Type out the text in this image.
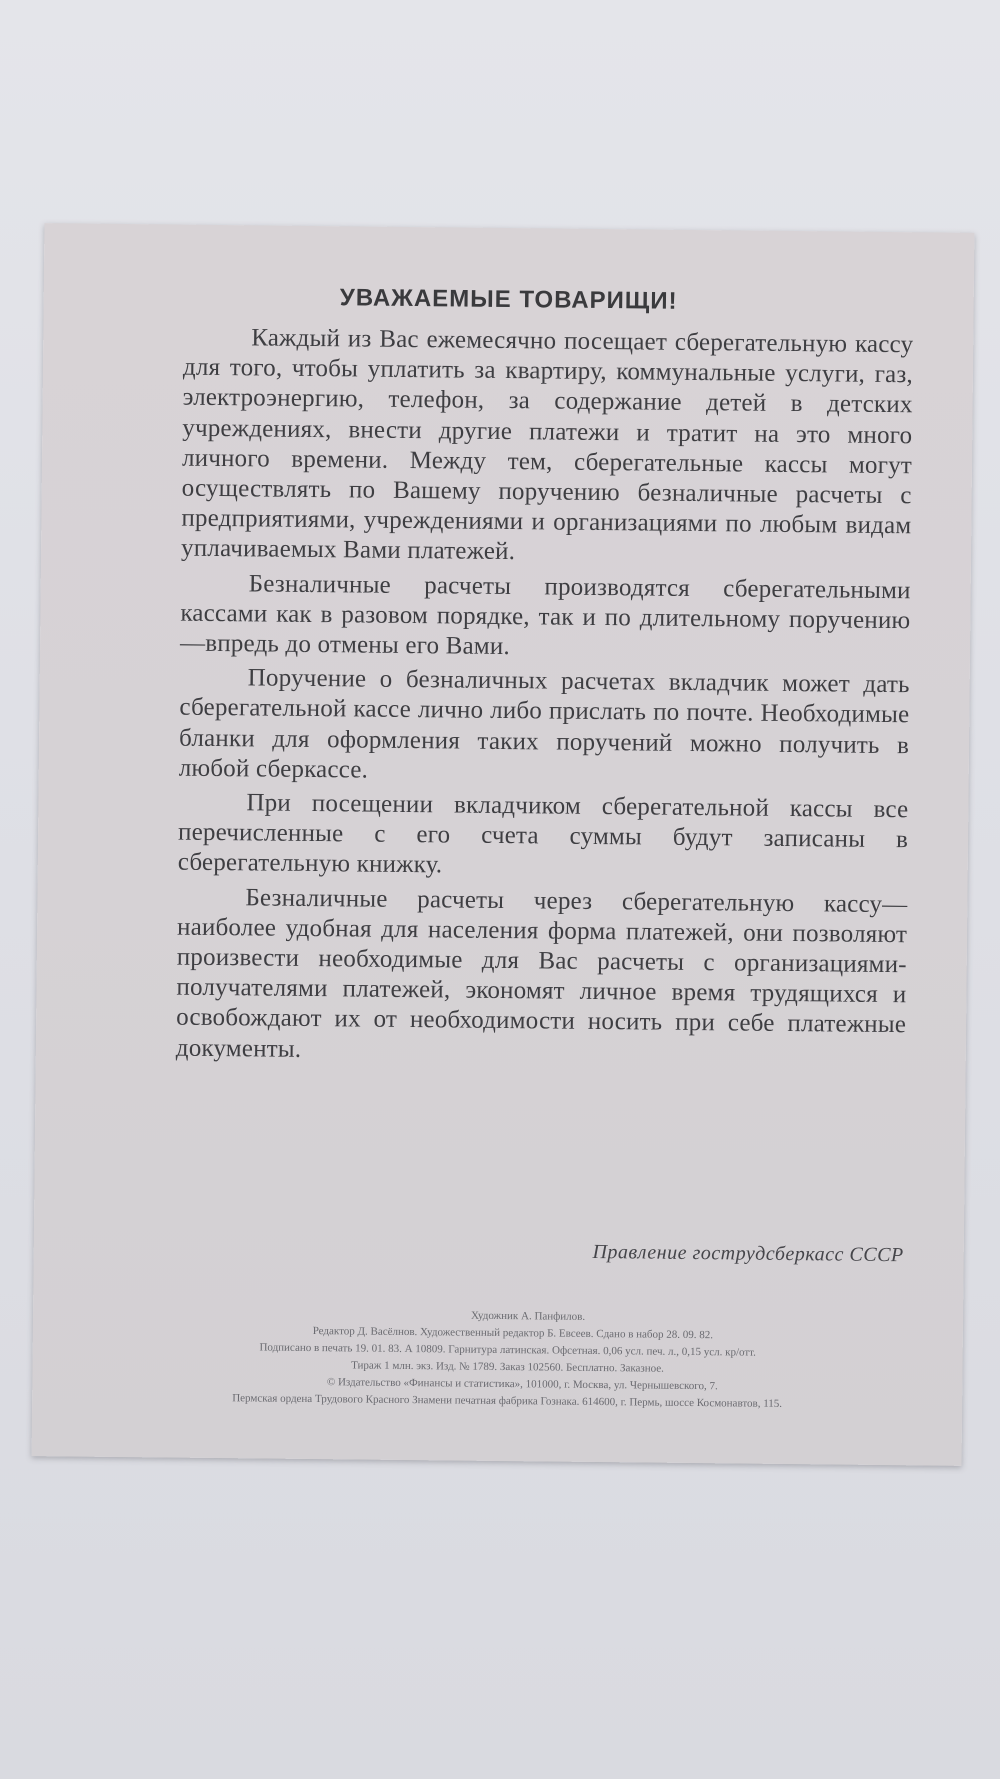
УВАЖАЕМЫЕ ТОВАРИЩИ!

Каждый из Вас ежемесячно посещает сберегательную кассу для того, чтобы уплатить за квартиру, коммунальные услуги, газ, электроэнергию, телефон, за содержание детей в детских учреждениях, внести другие платежи и тратит на это много личного времени. Между тем, сберегательные кассы могут осуществлять по Вашему поручению безналичные расчеты с предприятиями, учреждениями и организациями по любым видам уплачиваемых Вами платежей.

Безналичные расчеты производятся сберегательными кассами как в разовом порядке, так и по длительному поручению—впредь до отмены его Вами.

Поручение о безналичных расчетах вкладчик может дать сберегательной кассе лично либо прислать по почте. Необходимые бланки для оформления таких поручений можно получить в любой сберкассе.

При посещении вкладчиком сберегательной кассы все перечисленные с его счета суммы будут записаны в сберегательную книжку.

Безналичные расчеты через сберегательную кассу—наиболее удобная для населения форма платежей, они позволяют произвести необходимые для Вас расчеты с организациями-получателями платежей, экономят личное время трудящихся и освобождают их от необходимости носить при себе платежные документы.

Правление гострудсберкасс СССР
Художник А. Панфилов.
Редактор Д. Васёлнов. Художественный редактор Б. Евсеев. Сдано в набор 28. 09. 82.
Подписано в печать 19. 01. 83. А 10809. Гарнитура латинская. Офсетная. 0,06 усл. печ. л., 0,15 усл. кр/отт.
Тираж 1 млн. экз. Изд. № 1789. Заказ 102560. Бесплатно. Заказное.
© Издательство «Финансы и статистика», 101000, г. Москва, ул. Чернышевского, 7.
Пермская ордена Трудового Красного Знамени печатная фабрика Гознака. 614600, г. Пермь, шоссе Космонавтов, 115.
